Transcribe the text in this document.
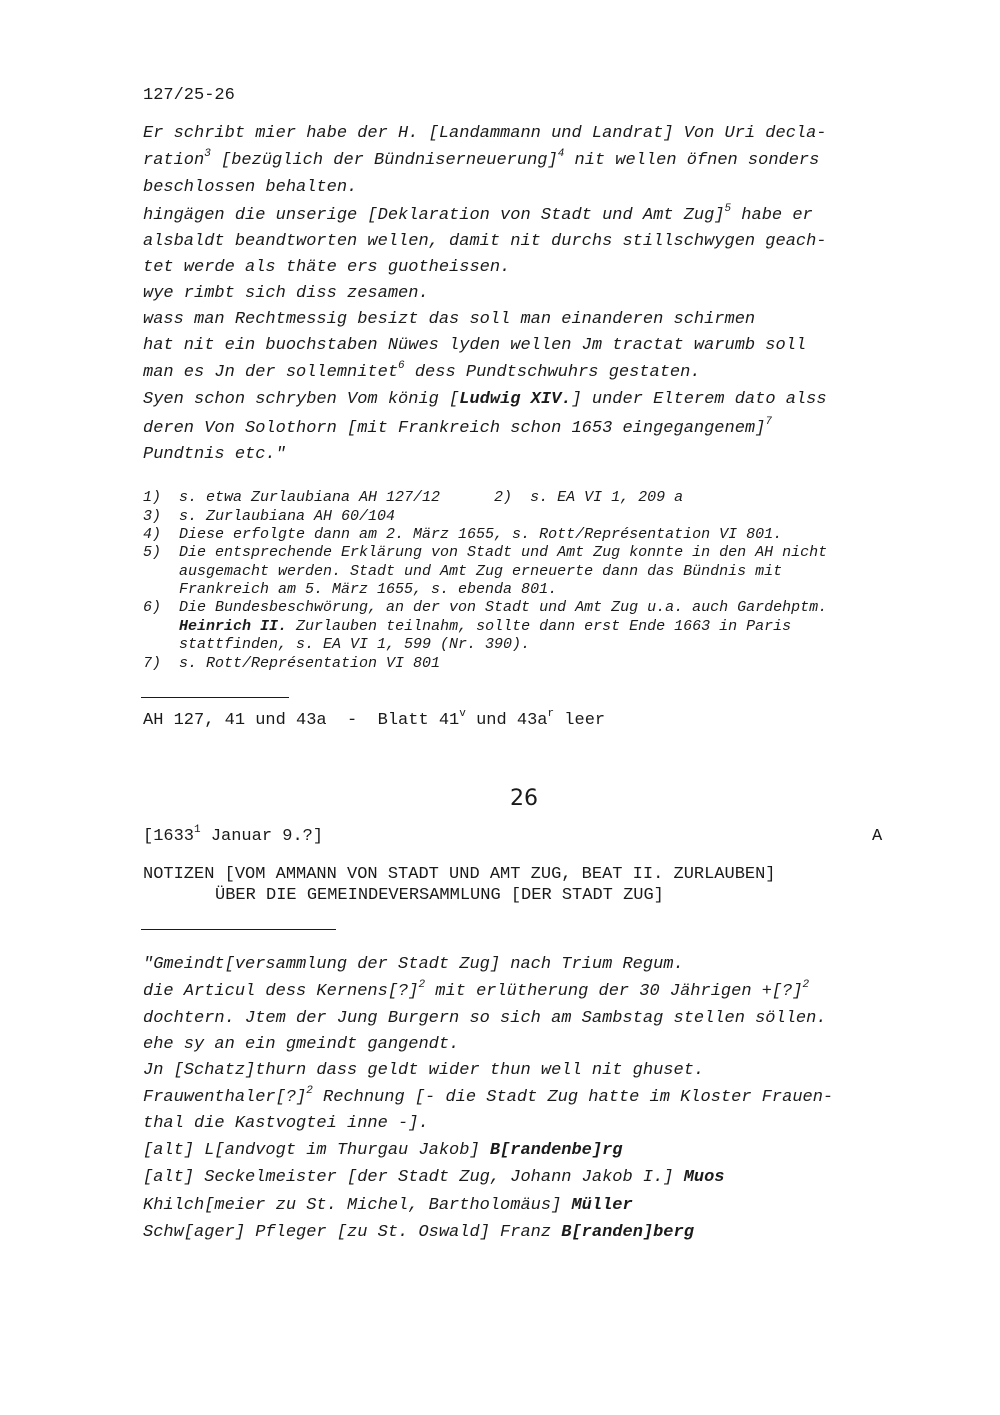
127/25-26
Er schribt mier habe der H. [Landammann und Landrat] Von Uri decla-
ration$^3$ [bezüglich der Bündniserneuerung]$^4$ nit wellen öfnen sonders
beschlossen behalten.
hingägen die unserige [Deklaration von Stadt und Amt Zug]$^5$ habe er
alsbaldt beandtworten wellen, damit nit durchs stillschwygen geach-
tet werde als thäte ers guotheissen.
wye rimbt sich diss zesamen.
wass man Rechtmessig besizt das soll man einanderen schirmen
hat nit ein buochstaben Nüwes lyden wellen Jm tractat warumb soll
man es Jn der sollemnitet$^6$ dess Pundtschwuhrs gestaten.
Syen schon schryben Vom könig [Ludwig XIV.] under Elterem dato alss
deren Von Solothorn [mit Frankreich schon 1653 eingegangenem]$^7$
Pundtnis etc."
1)  s. etwa Zurlaubiana AH 127/12      2)  s. EA VI 1, 209 a
3)  s. Zurlaubiana AH 60/104
4)  Diese erfolgte dann am 2. März 1655, s. Rott/Représentation VI 801.
5)  Die entsprechende Erklärung von Stadt und Amt Zug konnte in den AH nicht
ausgemacht werden. Stadt und Amt Zug erneuerte dann das Bündnis mit
Frankreich am 5. März 1655, s. ebenda 801.
6)  Die Bundesbeschwörung, an der von Stadt und Amt Zug u.a. auch Gardehptm.
Heinrich II. Zurlauben teilnahm, sollte dann erst Ende 1663 in Paris
stattfinden, s. EA VI 1, 599 (Nr. 390).
7)  s. Rott/Représentation VI 801
AH 127, 41 und 43a  -  Blatt 41$^v$ und $43a^r$ leer
26
[1633$^1$ Januar 9.?]	A
NOTIZEN [VOM AMMANN VON STADT UND AMT ZUG, BEAT II. ZURLAUBEN]
ÜBER DIE GEMEINDEVERSAMMLUNG [DER STADT ZUG]
"Gmeindt[versammlung der Stadt Zug] nach Trium Regum.
die Articul dess Kernens[?]$^2$ mit erlütherung der 30 Jährigen +[?]$^2$
dochtern. Jtem der Jung Burgern so sich am Sambstag stellen söllen.
ehe sy an ein gmeindt gangendt.
Jn [Schatz]thurn dass geldt wider thun well nit ghuset.
Frauwenthaler[?]$^2$ Rechnung [- die Stadt Zug hatte im Kloster Frauen-
thal die Kastvogtei inne -].
[alt] L[andvogt im Thurgau Jakob] B[randenbe]rg
[alt] Seckelmeister [der Stadt Zug, Johann Jakob I.] Muos
Khilch[meier zu St. Michel, Bartholomäus] Müller
Schw[ager] Pfleger [zu St. Oswald] Franz B[randen]berg
